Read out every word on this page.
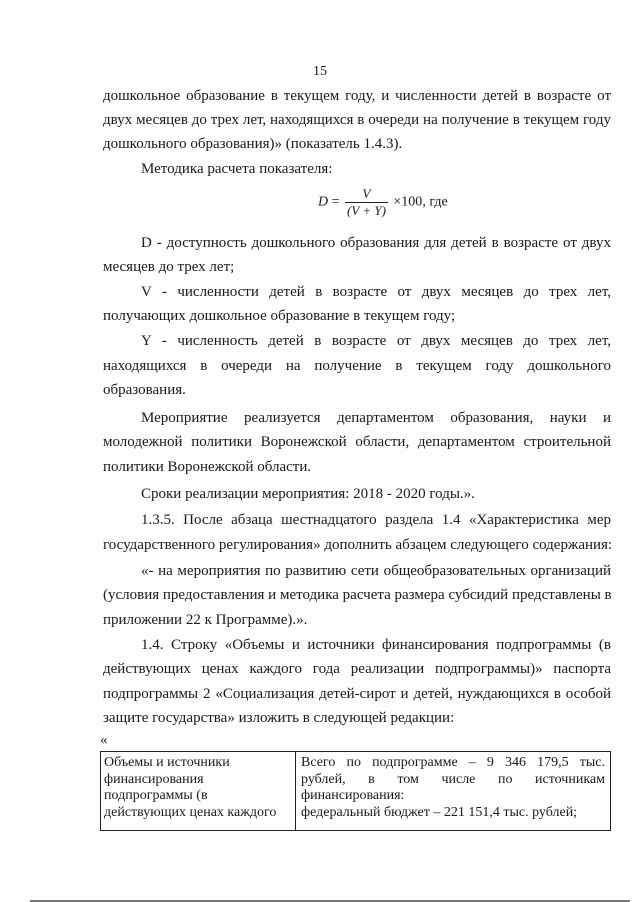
15
дошкольное образование в текущем году, и численности детей в возрасте от
двух месяцев до трех лет, находящихся в очереди на получение в текущем году
дошкольного образования)» (показатель 1.4.3).
Методика расчета показателя:
$D = \frac{V}{(V + Y)} \times 100$, где
D - доступность дошкольного образования для детей в возрасте от двух
месяцев до трех лет;
V - численности детей в возрасте от двух месяцев до трех лет,
получающих дошкольное образование в текущем году;
Y - численность детей в возрасте от двух месяцев до трех лет,
находящихся в очереди на получение в текущем году дошкольного
образования.
Мероприятие реализуется департаментом образования, науки и
молодежной политики Воронежской области, департаментом строительной
политики Воронежской области.
Сроки реализации мероприятия: 2018 - 2020 годы.».
1.3.5. После абзаца шестнадцатого раздела 1.4 «Характеристика мер
государственного регулирования» дополнить абзацем следующего содержания:
«- на мероприятия по развитию сети общеобразовательных организаций
(условия предоставления и методика расчета размера субсидий представлены в
приложении 22 к Программе).».
1.4. Строку «Объемы и источники финансирования подпрограммы (в
действующих ценах каждого года реализации подпрограммы)» паспорта
подпрограммы 2 «Социализация детей-сирот и детей, нуждающихся в особой
защите государства» изложить в следующей редакции:
«
Объемы и источники
финансирования
подпрограммы (в
действующих ценах каждого
Всего по подпрограмме – 9 346 179,5 тыс.
рублей, в том числе по источникам
финансирования:
федеральный бюджет – 221 151,4 тыс. рублей;
